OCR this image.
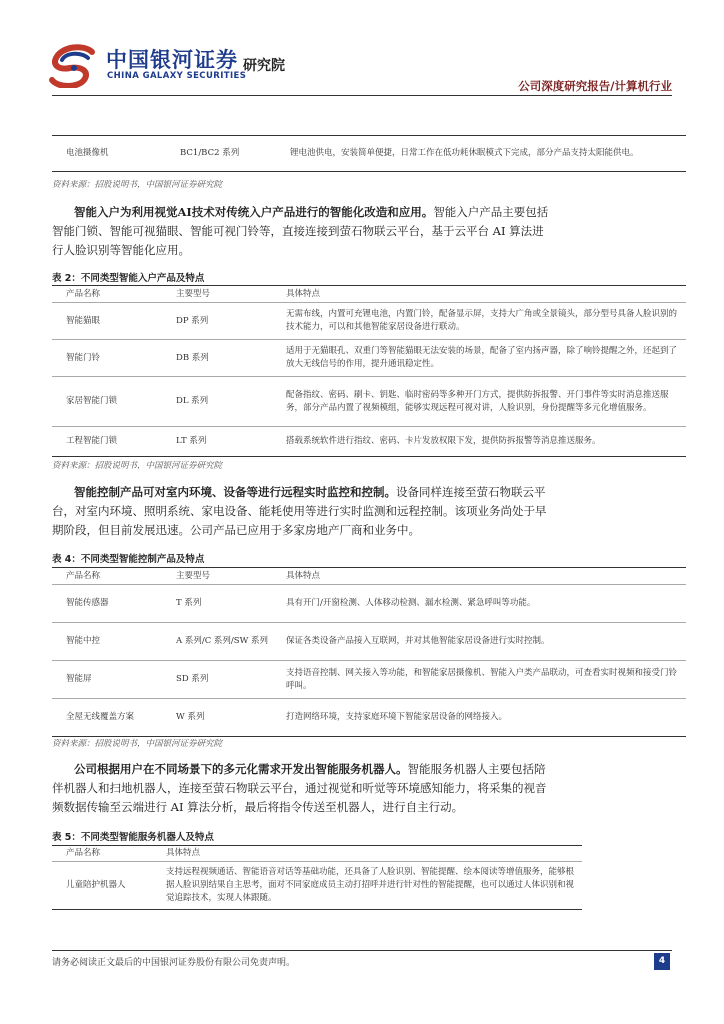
中国银河证券
CHINA GALAXY SECURITIES
研究院
公司深度研究报告/计算机行业
电池摄像机	BC1/BC2 系列	锂电池供电，安装简单便捷，日常工作在低功耗休眠模式下完成，部分产品支持太阳能供电。
资料来源：招股说明书，中国银河证券研究院
智能入户为利用视觉AI技术对传统入户产品进行的智能化改造和应用。智能入户产品主要包括智能门锁、智能可视猫眼、智能可视门铃等，直接连接到萤石物联云平台，基于云平台 AI 算法进行人脸识别等智能化应用。
表 2：不同类型智能入户产品及特点
产品名称	主要型号	具体特点
智能猫眼	DP 系列	无需布线，内置可充锂电池，内置门铃，配备显示屏，支持大广角或全景镜头，部分型号具备人脸识别的技术能力，可以和其他智能家居设备进行联动。
智能门铃	DB 系列	适用于无猫眼孔、双重门等智能猫眼无法安装的场景，配备了室内扬声器，除了响铃提醒之外，还起到了放大无线信号的作用，提升通讯稳定性。
家居智能门锁	DL 系列	配备指纹、密码、刷卡、钥匙、临时密码等多种开门方式，提供防拆报警、开门事件等实时消息推送服务，部分产品内置了视频模组，能够实现远程可视对讲，人脸识别，身份提醒等多元化增值服务。
工程智能门锁	LT 系列	搭载系统软件进行指纹、密码、卡片发放权限下发，提供防拆报警等消息推送服务。
资料来源：招股说明书，中国银河证券研究院
智能控制产品可对室内环境、设备等进行远程实时监控和控制。设备同样连接至萤石物联云平台，对室内环境、照明系统、家电设备、能耗使用等进行实时监测和远程控制。该项业务尚处于早期阶段，但目前发展迅速。公司产品已应用于多家房地产厂商和业务中。
表 4：不同类型智能控制产品及特点
产品名称	主要型号	具体特点
智能传感器	T 系列	具有开门/开窗检测、人体移动检测、漏水检测、紧急呼叫等功能。
智能中控	A 系列/C 系列/SW 系列	保证各类设备产品接入互联网，并对其他智能家居设备进行实时控制。
智能屏	SD 系列	支持语音控制、网关接入等功能，和智能家居摄像机、智能入户类产品联动，可查看实时视频和接受门铃呼叫。
全屋无线覆盖方案	W 系列	打造网络环境，支持家庭环境下智能家居设备的网络接入。
资料来源：招股说明书，中国银河证券研究院
公司根据用户在不同场景下的多元化需求开发出智能服务机器人。智能服务机器人主要包括陪伴机器人和扫地机器人，连接至萤石物联云平台，通过视觉和听觉等环境感知能力，将采集的视音频数据传输至云端进行 AI 算法分析，最后将指令传送至机器人，进行自主行动。
表 5：不同类型智能服务机器人及特点
产品名称	具体特点
儿童陪护机器人	支持远程视频通话、智能语音对话等基础功能，还具备了人脸识别、智能提醒、绘本阅读等增值服务，能够根据人脸识别结果自主思考，面对不同家庭成员主动打招呼并进行针对性的智能提醒，也可以通过人体识别和视觉追踪技术，实现人体跟随。
请务必阅读正文最后的中国银河证券股份有限公司免责声明。	4
